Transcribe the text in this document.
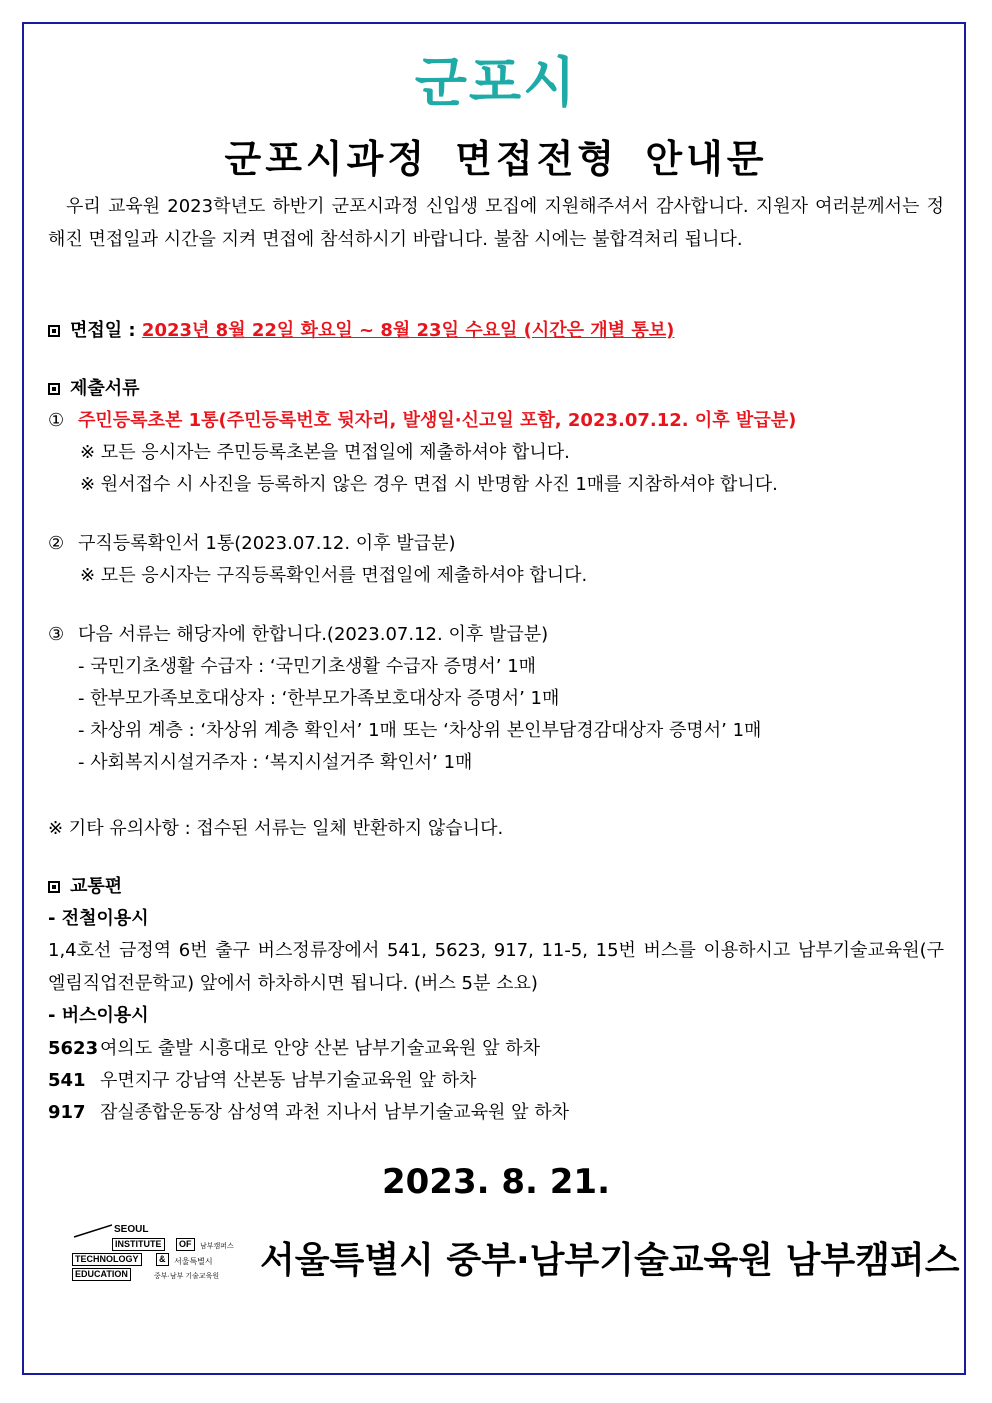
군포시
군포시과정 면접전형 안내문
우리 교육원 2023학년도 하반기 군포시과정 신입생 모집에 지원해주셔서 감사합니다. 지원자 여러분께서는 정해진 면접일과 시간을 지켜 면접에 참석하시기 바랍니다. 불참 시에는 불합격처리 됩니다.
면접일 : 2023년 8월 22일 화요일 ~ 8월 23일 수요일 (시간은 개별 통보)
제출서류
① 주민등록초본 1통(주민등록번호 뒷자리, 발생일·신고일 포함, 2023.07.12. 이후 발급분)
※ 모든 응시자는 주민등록초본을 면접일에 제출하셔야 합니다.
※ 원서접수 시 사진을 등록하지 않은 경우 면접 시 반명함 사진 1매를 지참하셔야 합니다.
② 구직등록확인서 1통(2023.07.12. 이후 발급분)
※ 모든 응시자는 구직등록확인서를 면접일에 제출하셔야 합니다.
③ 다음 서류는 해당자에 한합니다.(2023.07.12. 이후 발급분)
- 국민기초생활 수급자 : ‘국민기초생활 수급자 증명서’ 1매
- 한부모가족보호대상자 : ‘한부모가족보호대상자 증명서’ 1매
- 차상위 계층 : ‘차상위 계층 확인서’ 1매 또는 ‘차상위 본인부담경감대상자 증명서’ 1매
- 사회복지시설거주자 : ‘복지시설거주 확인서’ 1매
※ 기타 유의사항 : 접수된 서류는 일체 반환하지 않습니다.
교통편
- 전철이용시
1,4호선 금정역 6번 출구 버스정류장에서 541, 5623, 917, 11-5, 15번 버스를 이용하시고 남부기술교육원(구 엘림직업전문학교) 앞에서 하차하시면 됩니다. (버스 5분 소요)
- 버스이용시
5623 여의도 출발 시흥대로 안양 산본 남부기술교육원 앞 하차
541 우면지구 강남역 산본동 남부기술교육원 앞 하차
917 잠실종합운동장 삼성역 과천 지나서 남부기술교육원 앞 하차
2023. 8. 21.
SEOUL
INSTITUTE	OF
TECHNOLOGY	&
EDUCATION
남부캠퍼스
서울특별시
중부·남부 기술교육원 서울특별시 중부·남부기술교육원 남부캠퍼스
